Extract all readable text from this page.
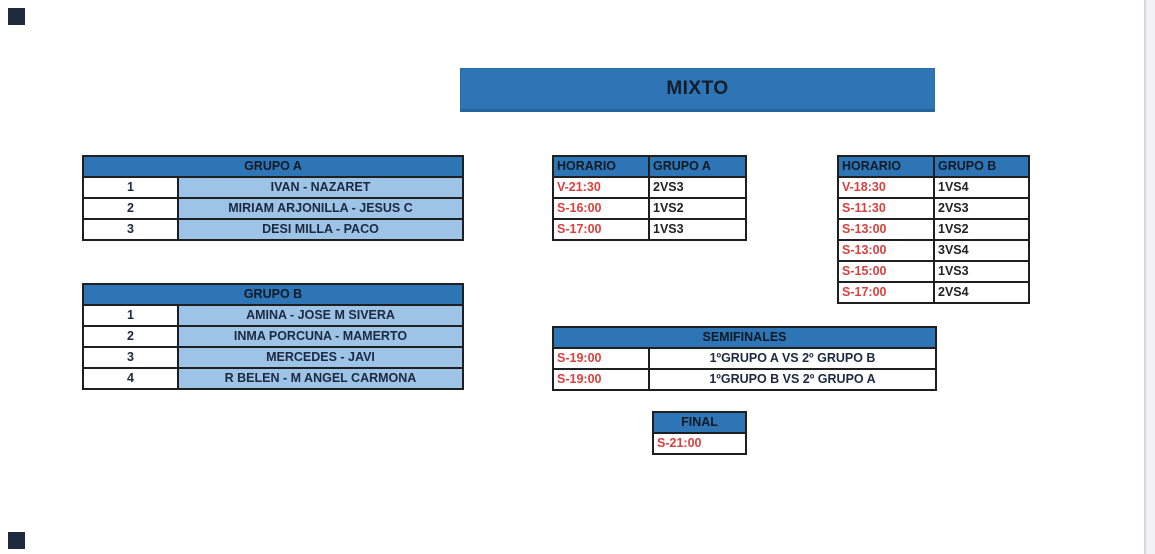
MIXTO
GRUPO A	
1	IVAN - NAZARET
2	MIRIAM ARJONILLA - JESUS C
3	DESI MILLA - PACO
GRUPO B	
1	AMINA - JOSE M SIVERA
2	INMA PORCUNA - MAMERTO
3	MERCEDES - JAVI
4	R BELEN - M ANGEL CARMONA
HORARIO	GRUPO A
V-21:30	2VS3
S-16:00	1VS2
S-17:00	1VS3
HORARIO	GRUPO B
V-18:30	1VS4
S-11:30	2VS3
S-13:00	1VS2
S-13:00	3VS4
S-15:00	1VS3
S-17:00	2VS4
SEMIFINALES	
S-19:00	1ºGRUPO A VS 2º GRUPO B
S-19:00	1ºGRUPO B VS 2º GRUPO A
FINAL
S-21:00
